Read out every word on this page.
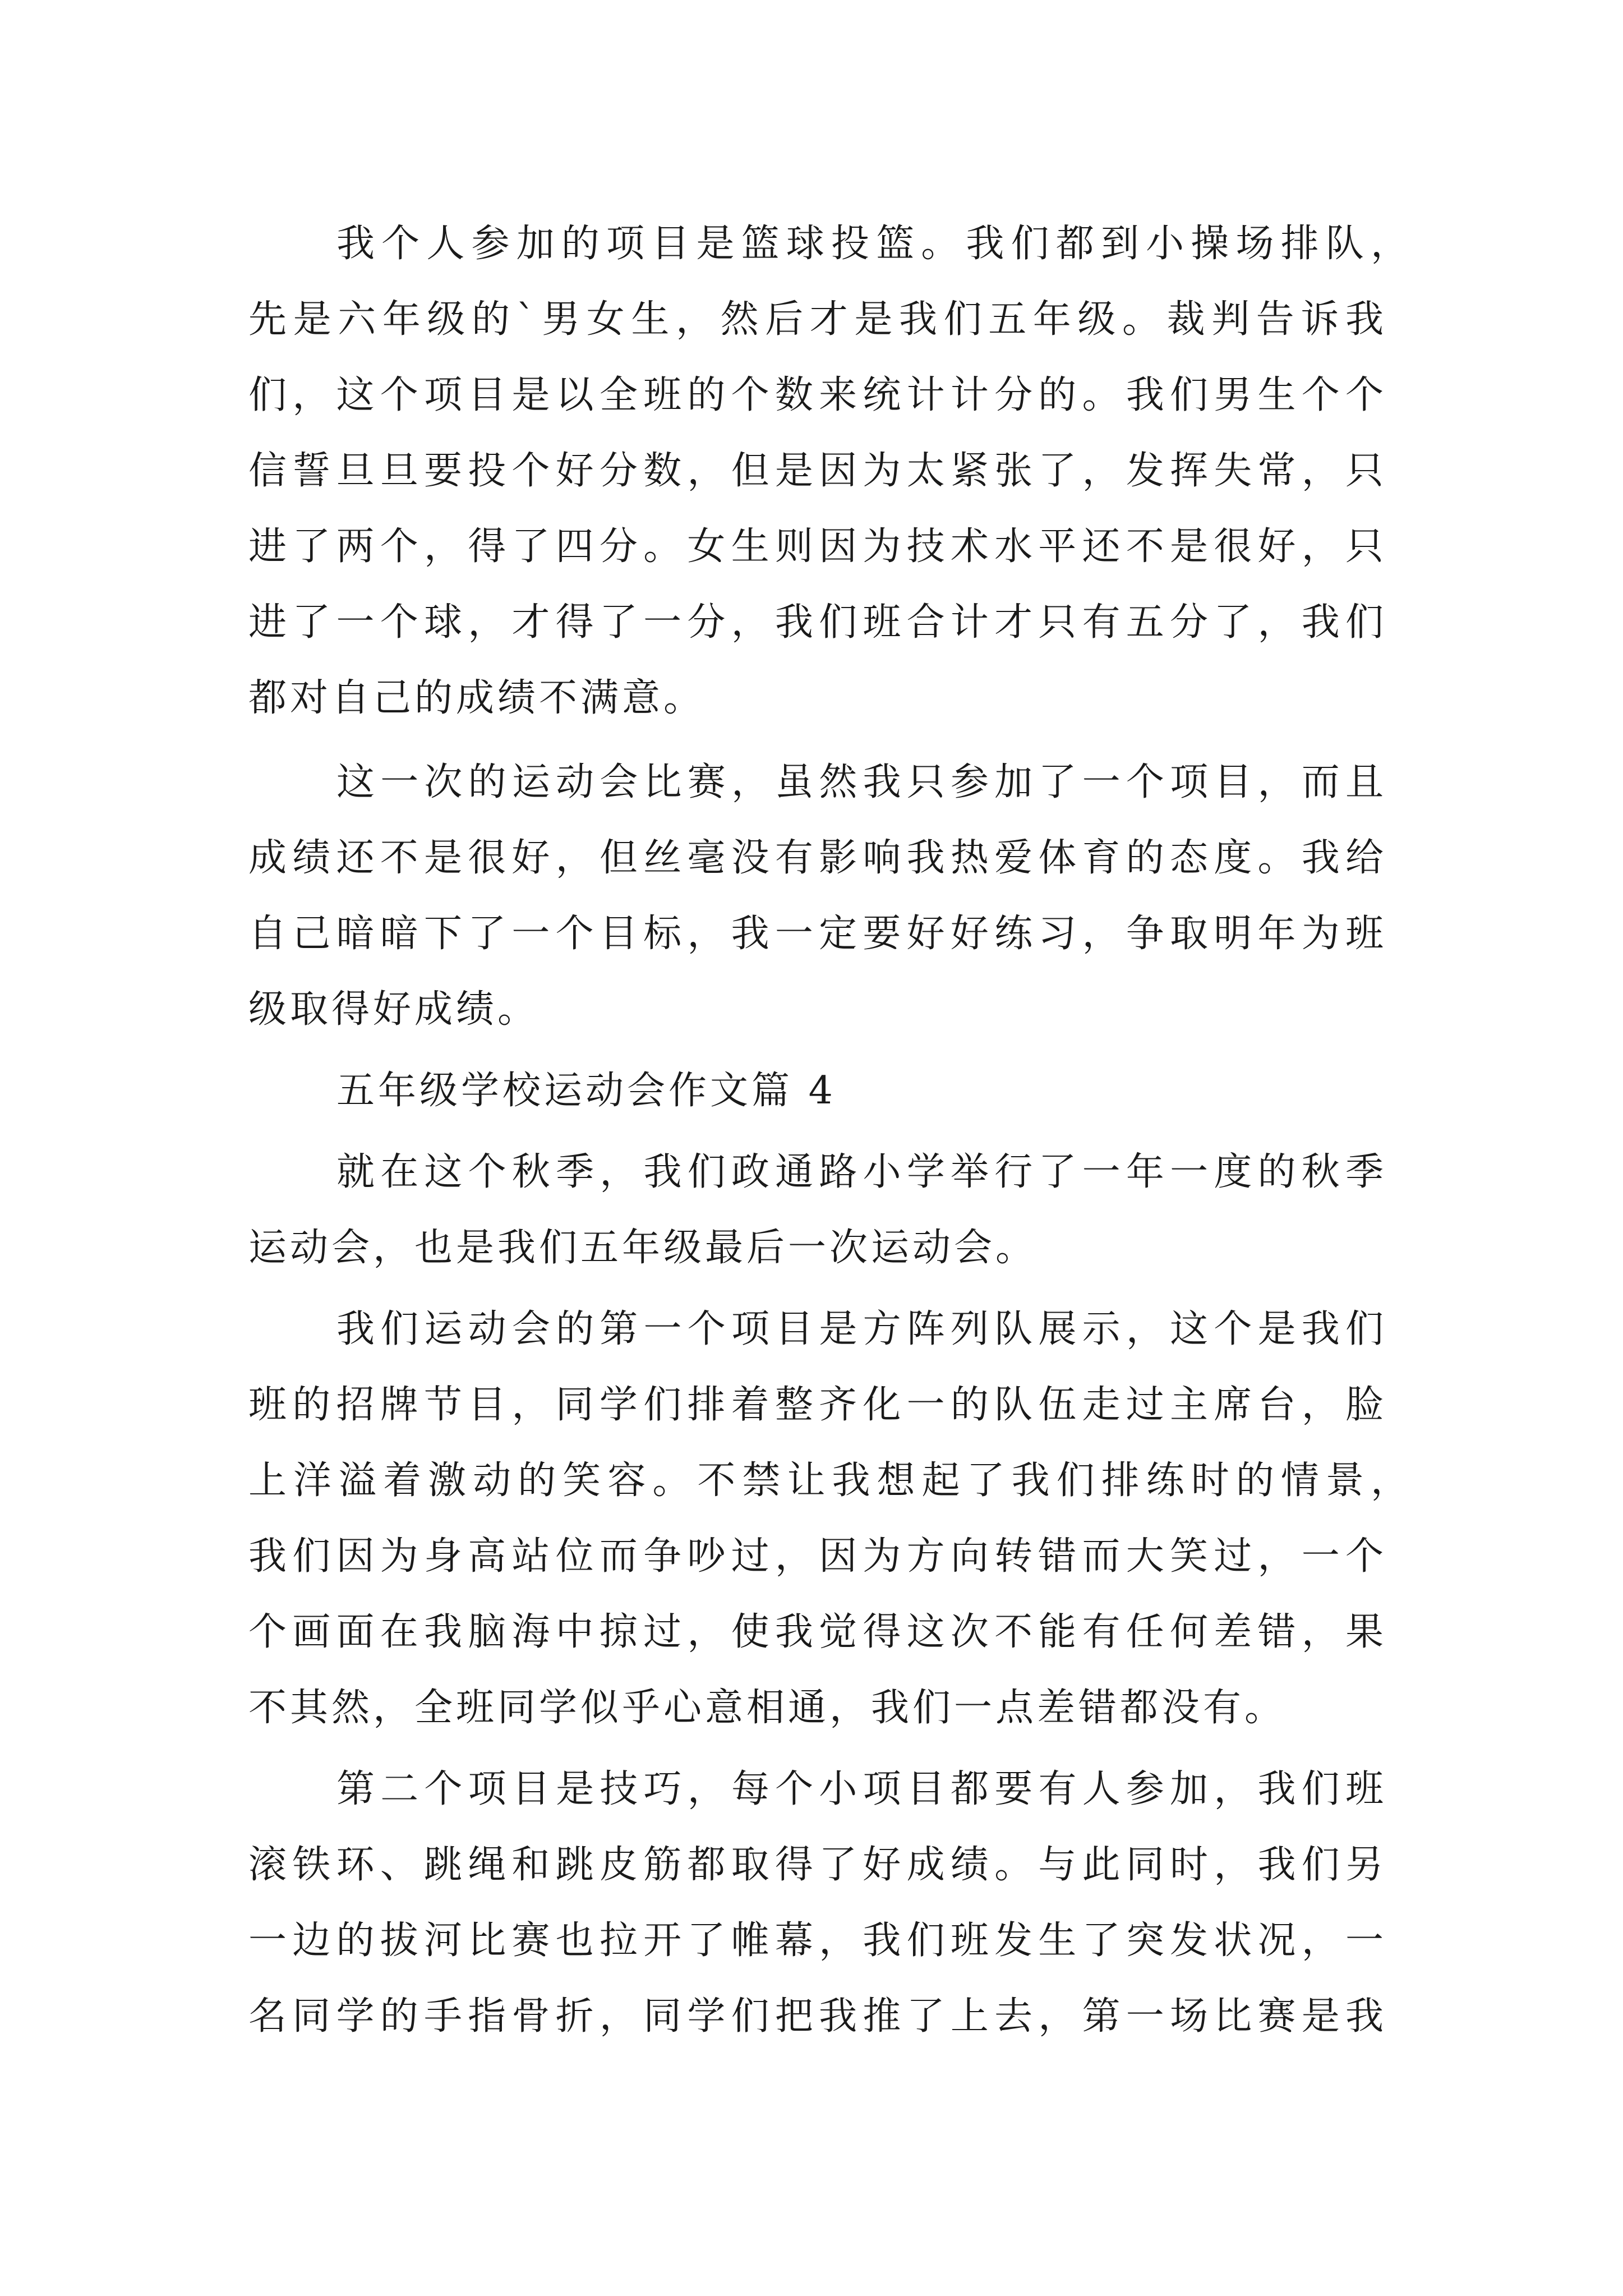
我个人参加的项目是篮球投篮。我们都到小操场排队，

先是六年级的`男女生，然后才是我们五年级。裁判告诉我

们，这个项目是以全班的个数来统计计分的。我们男生个个

信誓旦旦要投个好分数，但是因为太紧张了，发挥失常，只

进了两个，得了四分。女生则因为技术水平还不是很好，只

进了一个球，才得了一分，我们班合计才只有五分了，我们

都对自己的成绩不满意。

这一次的运动会比赛，虽然我只参加了一个项目，而且

成绩还不是很好，但丝毫没有影响我热爱体育的态度。我给

自己暗暗下了一个目标，我一定要好好练习，争取明年为班

级取得好成绩。

五年级学校运动会作文篇 4

就在这个秋季，我们政通路小学举行了一年一度的秋季

运动会，也是我们五年级最后一次运动会。

我们运动会的第一个项目是方阵列队展示，这个是我们

班的招牌节目，同学们排着整齐化一的队伍走过主席台，脸

上洋溢着激动的笑容。不禁让我想起了我们排练时的情景，

我们因为身高站位而争吵过，因为方向转错而大笑过，一个

个画面在我脑海中掠过，使我觉得这次不能有任何差错，果

不其然，全班同学似乎心意相通，我们一点差错都没有。

第二个项目是技巧，每个小项目都要有人参加，我们班

滚铁环、跳绳和跳皮筋都取得了好成绩。与此同时，我们另

一边的拔河比赛也拉开了帷幕，我们班发生了突发状况，一

名同学的手指骨折，同学们把我推了上去，第一场比赛是我
